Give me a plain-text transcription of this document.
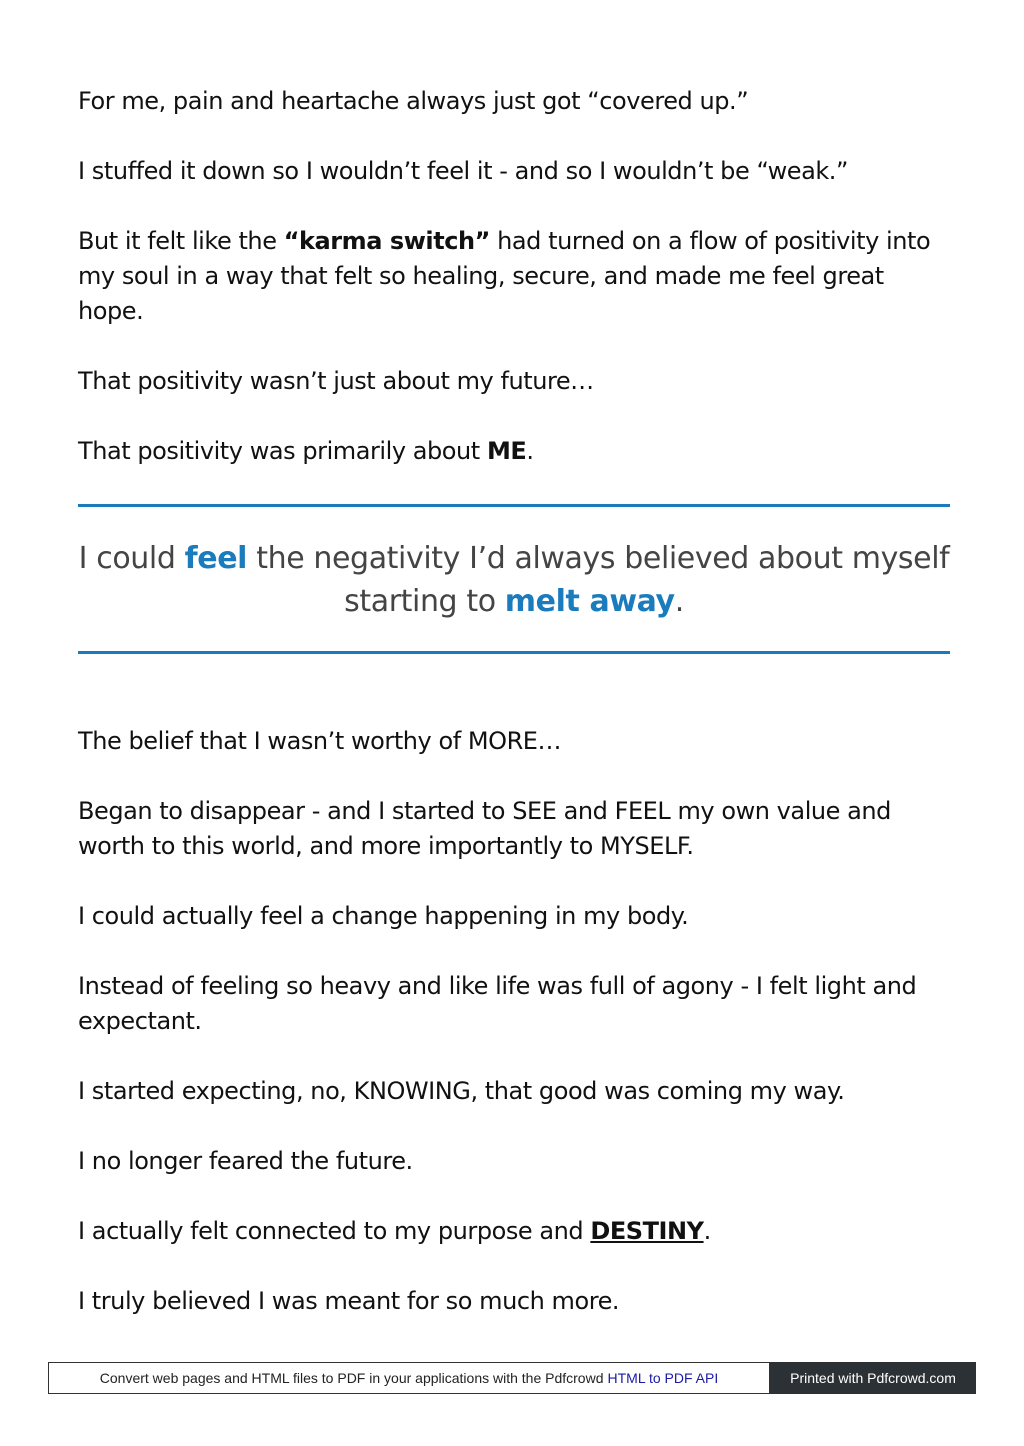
For me, pain and heartache always just got “covered up.”

I stuffed it down so I wouldn’t feel it - and so I wouldn’t be “weak.”

But it felt like the “karma switch” had turned on a flow of positivity into my soul in a way that felt so healing, secure, and made me feel great hope.

That positivity wasn’t just about my future…

That positivity was primarily about ME.

I could feel the negativity I’d always believed about myself starting to melt away.

The belief that I wasn’t worthy of MORE…

Began to disappear - and I started to SEE and FEEL my own value and worth to this world, and more importantly to MYSELF.

I could actually feel a change happening in my body.

Instead of feeling so heavy and like life was full of agony - I felt light and expectant.

I started expecting, no, KNOWING, that good was coming my way.

I no longer feared the future.

I actually felt connected to my purpose and DESTINY.

I truly believed I was meant for so much more.

Convert web pages and HTML files to PDF in your applications with the Pdfcrowd HTML to PDF API	Printed with Pdfcrowd.com
